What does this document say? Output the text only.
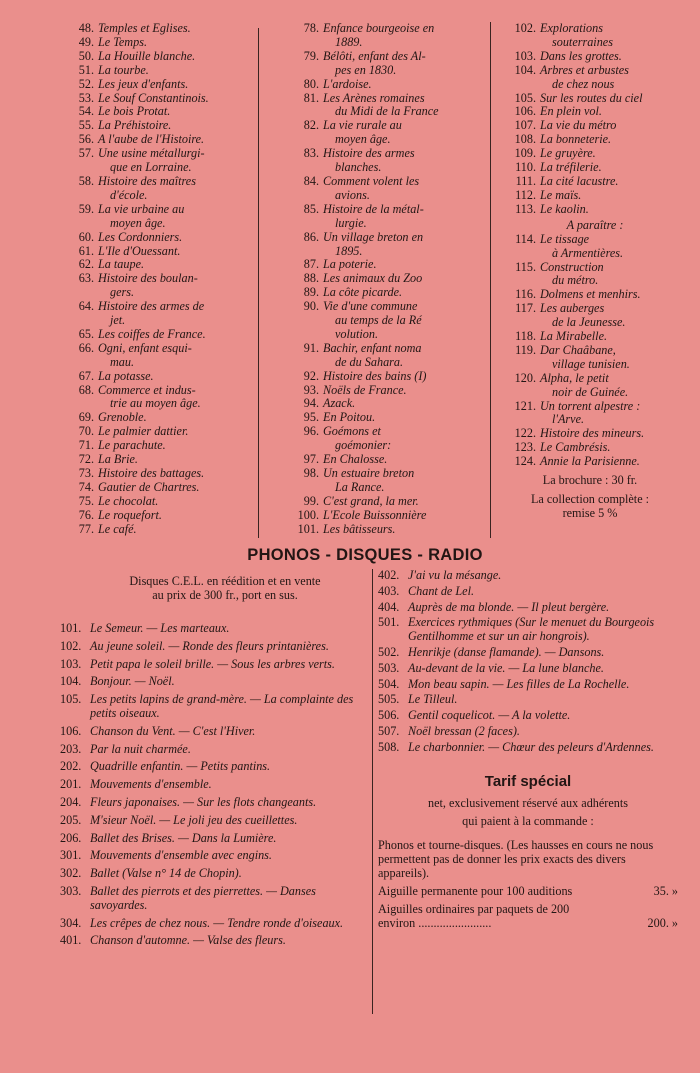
48. Temples et Eglises.
49. Le Temps.
50. La Houille blanche.
51. La tourbe.
52. Les jeux d'enfants.
53. Le Souf Constantinois.
54. Le bois Protat.
55. La Préhistoire.
56. A l'aube de l'Histoire.
57. Une usine métallurgi-
que en Lorraine.
58. Histoire des maîtres
d'école.
59. La vie urbaine au
moyen âge.
60. Les Cordonniers.
61. L'Ile d'Ouessant.
62. La taupe.
63. Histoire des boulan-
gers.
64. Histoire des armes de
jet.
65. Les coiffes de France.
66. Ogni, enfant esqui-
mau.
67. La potasse.
68. Commerce et indus-
trie au moyen âge.
69. Grenoble.
70. Le palmier dattier.
71. Le parachute.
72. La Brie.
73. Histoire des battages.
74. Gautier de Chartres.
75. Le chocolat.
76. Le roquefort.
77. Le café.
78. Enfance bourgeoise en
1889.
79. Bélôti, enfant des Al-
pes en 1830.
80. L'ardoise.
81. Les Arènes romaines
du Midi de la France
82. La vie rurale au
moyen âge.
83. Histoire des armes
blanches.
84. Comment volent les
avions.
85. Histoire de la métal-
lurgie.
86. Un village breton en
1895.
87. La poterie.
88. Les animaux du Zoo
89. La côte picarde.
90. Vie d'une commune
au temps de la Ré
volution.
91. Bachir, enfant noma
de du Sahara.
92. Histoire des bains (I)
93. Noëls de France.
94. Azack.
95. En Poitou.
96. Goémons et
goémonier:
97. En Chalosse.
98. Un estuaire breton
La Rance.
99. C'est grand, la mer.
100. L'Ecole Buissonnière
101. Les bâtisseurs.
102. Explorations
souterraines
103. Dans les grottes.
104. Arbres et arbustes
de chez nous
105. Sur les routes du ciel
106. En plein vol.
107. La vie du métro
108. La bonneterie.
109. Le gruyère.
110. La tréfilerie.
111. La cité lacustre.
112. Le maïs.
113. Le kaolin.
A paraître :
114. Le tissage
à Armentières.
115. Construction
du métro.
116. Dolmens et menhirs.
117. Les auberges
de la Jeunesse.
118. La Mirabelle.
119. Dar Chaâbane,
village tunisien.
120. Alpha, le petit
noir de Guinée.
121. Un torrent alpestre :
l'Arve.
122. Histoire des mineurs.
123. Le Cambrésis.
124. Annie la Parisienne.
La brochure : 30 fr.
La collection complète :
remise 5 %
PHONOS - DISQUES - RADIO
Disques C.E.L. en réédition et en vente
au prix de 300 fr., port en sus.
101. Le Semeur. — Les marteaux.
102. Au jeune soleil. — Ronde des fleurs printanières.
103. Petit papa le soleil brille. — Sous les arbres verts.
104. Bonjour. — Noël.
105. Les petits lapins de grand-mère. — La complainte des petits oiseaux.
106. Chanson du Vent. — C'est l'Hiver.
203. Par la nuit charmée.
202. Quadrille enfantin. — Petits pantins.
201. Mouvements d'ensemble.
204. Fleurs japonaises. — Sur les flots changeants.
205. M'sieur Noël. — Le joli jeu des cueillettes.
206. Ballet des Brises. — Dans la Lumière.
301. Mouvements d'ensemble avec engins.
302. Ballet (Valse n° 14 de Chopin).
303. Ballet des pierrots et des pierrettes. — Danses savoyardes.
304. Les crêpes de chez nous. — Tendre ronde d'oiseaux.
401. Chanson d'automne. — Valse des fleurs.
402. J'ai vu la mésange.
403. Chant de Lel.
404. Auprès de ma blonde. — Il pleut bergère.
501. Exercices rythmiques (Sur le menuet du Bourgeois Gentilhomme et sur un air hongrois).
502. Henrikje (danse flamande). — Dansons.
503. Au-devant de la vie. — La lune blanche.
504. Mon beau sapin. — Les filles de La Rochelle.
505. Le Tilleul.
506. Gentil coquelicot. — A la volette.
507. Noël bressan (2 faces).
508. Le charbonnier. — Chœur des peleurs d'Ardennes.
Tarif spécial
net, exclusivement réservé aux adhérents
qui paient à la commande :
Phonos et tourne-disques. (Les hausses en cours ne nous permettent pas de donner les prix exacts des divers appareils).
Aiguille permanente pour 100 auditions	35. »
Aiguilles ordinaires par paquets de 200 environ ........................	200. »
